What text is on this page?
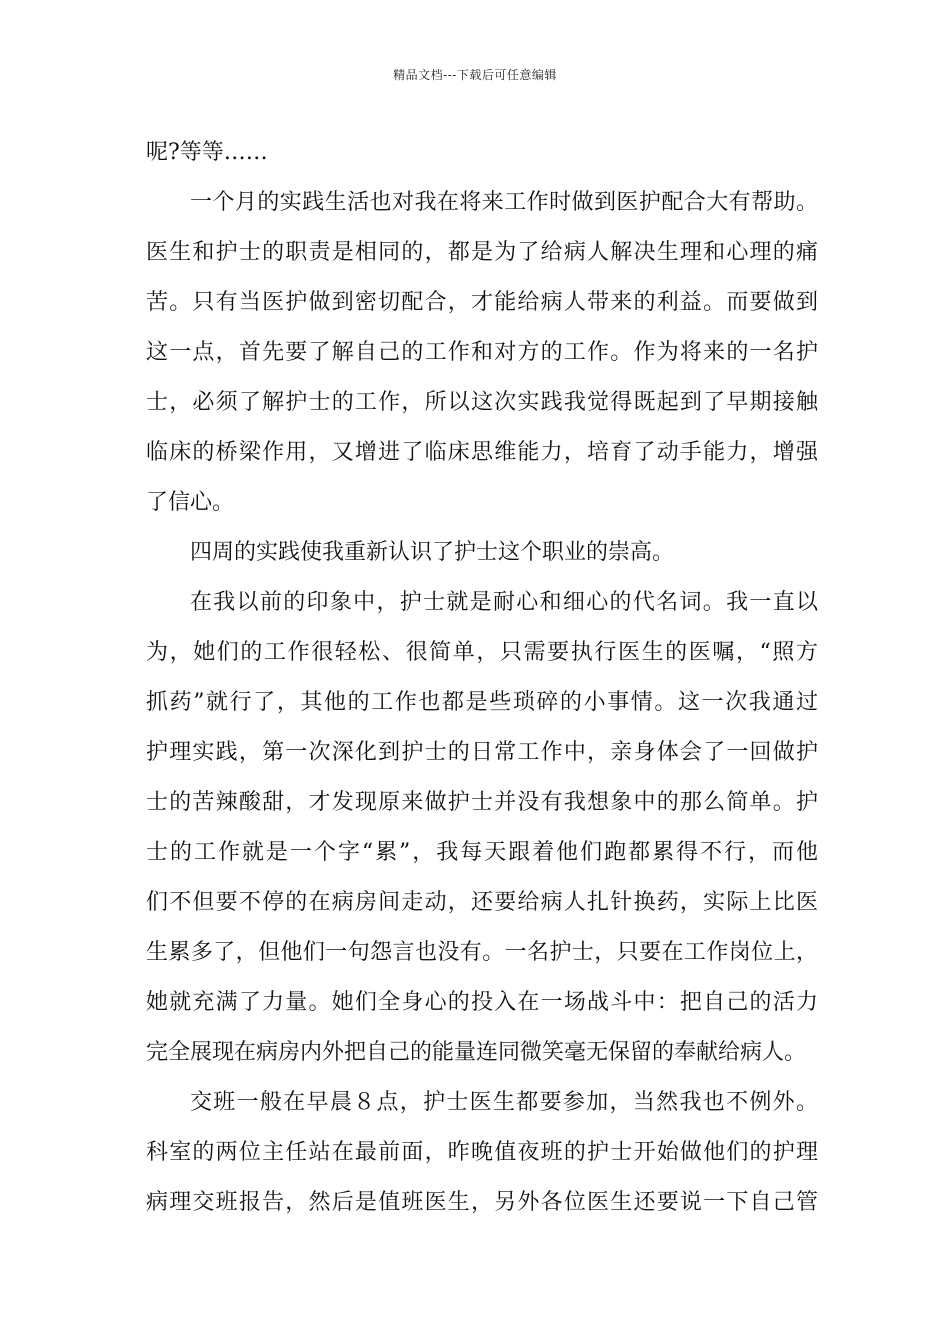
精品文档---下载后可任意编辑
呢?等等……
一个月的实践生活也对我在将来工作时做到医护配合大有帮助。
医生和护士的职责是相同的，都是为了给病人解决生理和心理的痛
苦。只有当医护做到密切配合，才能给病人带来的利益。而要做到
这一点，首先要了解自己的工作和对方的工作。作为将来的一名护
士，必须了解护士的工作，所以这次实践我觉得既起到了早期接触
临床的桥梁作用，又增进了临床思维能力，培育了动手能力，增强
了信心。
四周的实践使我重新认识了护士这个职业的崇高。
在我以前的印象中，护士就是耐心和细心的代名词。我一直以
为，她们的工作很轻松、很简单，只需要执行医生的医嘱，“照方
抓药”就行了，其他的工作也都是些琐碎的小事情。这一次我通过
护理实践，第一次深化到护士的日常工作中，亲身体会了一回做护
士的苦辣酸甜，才发现原来做护士并没有我想象中的那么简单。护
士的工作就是一个字“累”，我每天跟着他们跑都累得不行，而他
们不但要不停的在病房间走动，还要给病人扎针换药，实际上比医
生累多了，但他们一句怨言也没有。一名护士，只要在工作岗位上，
她就充满了力量。她们全身心的投入在一场战斗中：把自己的活力
完全展现在病房内外把自己的能量连同微笑毫无保留的奉献给病人。
交班一般在早晨８点，护士医生都要参加，当然我也不例外。
科室的两位主任站在最前面，昨晚值夜班的护士开始做他们的护理
病理交班报告，然后是值班医生，另外各位医生还要说一下自己管
